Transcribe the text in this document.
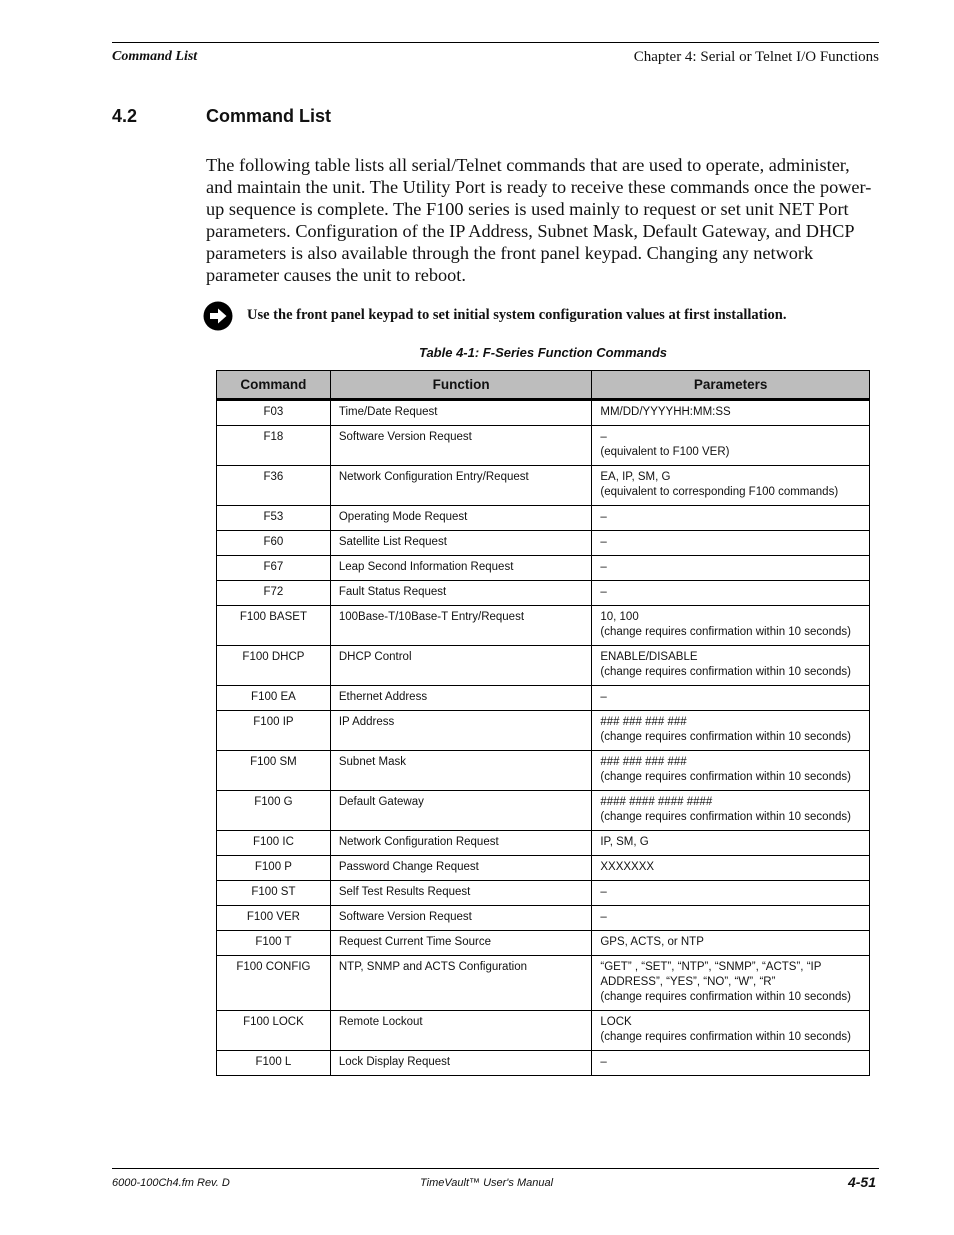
Command List	Chapter 4: Serial or Telnet I/O Functions
4.2	Command List

The following table lists all serial/Telnet commands that are used to operate, administer, and maintain the unit. The Utility Port is ready to receive these commands once the power-up sequence is complete. The F100 series is used mainly to request or set unit NET Port parameters. Configuration of the IP Address, Subnet Mask, Default Gateway, and DHCP parameters is also available through the front panel keypad. Changing any network parameter causes the unit to reboot.

Use the front panel keypad to set initial system configuration values at first installation.
Table 4-1: F-Series Function Commands
Command	Function	Parameters
F03	Time/Date Request	MM/DD/YYYYHH:MM:SS
F18	Software Version Request	–
(equivalent to F100 VER)
F36	Network Configuration Entry/Request	EA, IP, SM, G
(equivalent to corresponding F100 commands)
F53	Operating Mode Request	–
F60	Satellite List Request	–
F67	Leap Second Information Request	–
F72	Fault Status Request	–
F100 BASET	100Base-T/10Base-T Entry/Request	10, 100
(change requires confirmation within 10 seconds)
F100 DHCP	DHCP Control	ENABLE/DISABLE
(change requires confirmation within 10 seconds)
F100 EA	Ethernet Address	–
F100 IP	IP Address	### ### ### ###
(change requires confirmation within 10 seconds)
F100 SM	Subnet Mask	### ### ### ###
(change requires confirmation within 10 seconds)
F100 G	Default Gateway	#### #### #### ####
(change requires confirmation within 10 seconds)
F100 IC	Network Configuration Request	IP, SM, G
F100 P	Password Change Request	XXXXXXX
F100 ST	Self Test Results Request	–
F100 VER	Software Version Request	–
F100 T	Request Current Time Source	GPS, ACTS, or NTP
F100 CONFIG	NTP, SNMP and ACTS Configuration	“GET” , “SET”, “NTP”, “SNMP”, “ACTS”, “IP ADDRESS”, “YES”, “NO”, “W”, “R”
(change requires confirmation within 10 seconds)
F100 LOCK	Remote Lockout	LOCK
(change requires confirmation within 10 seconds)
F100 L	Lock Display Request	–
6000-100Ch4.fm Rev. D	TimeVault™ User's Manual	4-51
